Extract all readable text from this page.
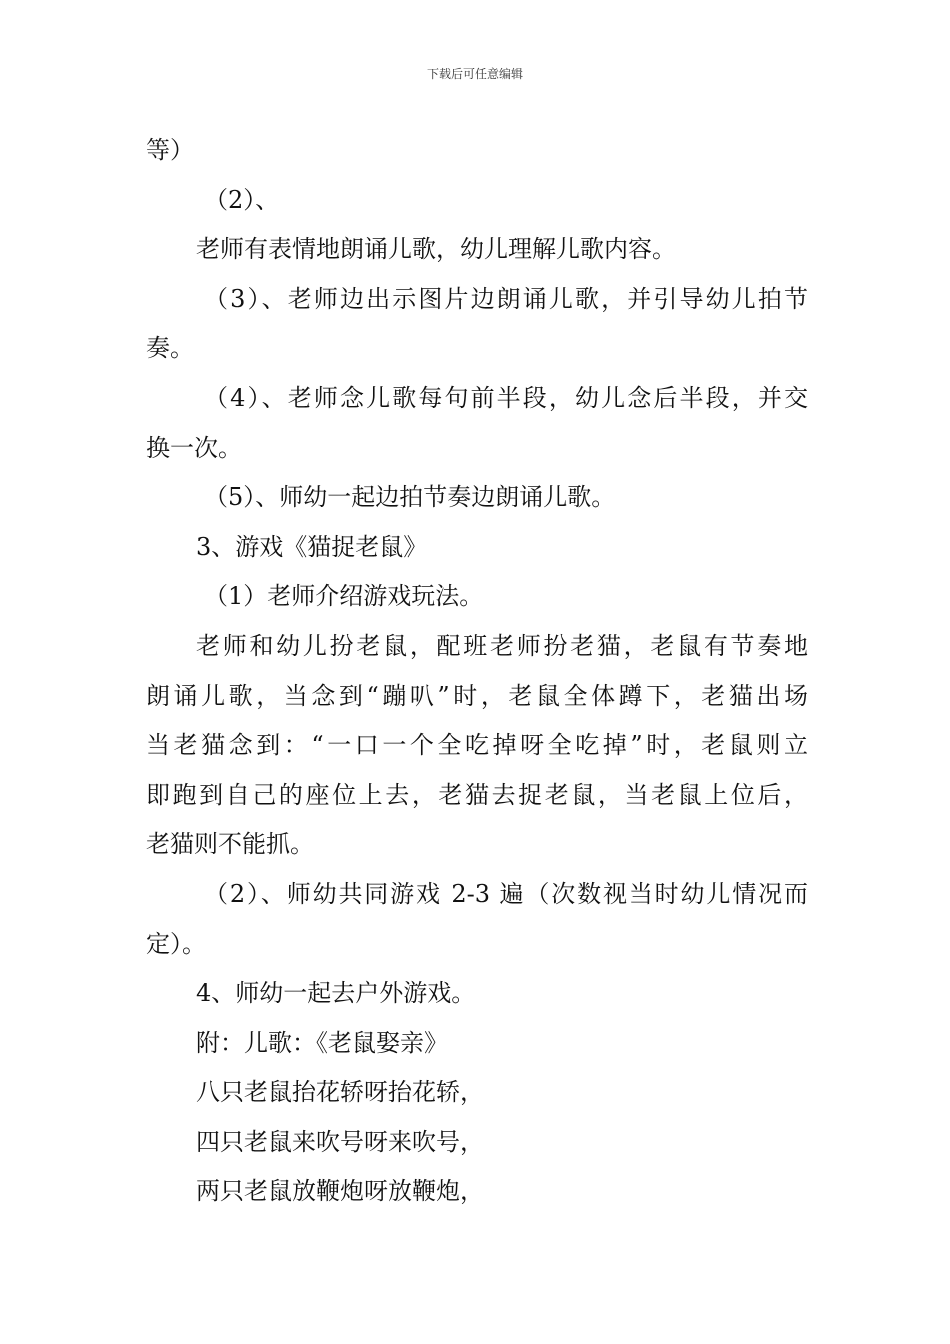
下载后可任意编辑
等）
（2）、
老师有表情地朗诵儿歌，幼儿理解儿歌内容。
（3）、老师边出示图片边朗诵儿歌，并引导幼儿拍节
奏。
（4）、老师念儿歌每句前半段，幼儿念后半段，并交
换一次。
（5）、师幼一起边拍节奏边朗诵儿歌。
3、游戏《猫捉老鼠》
（1）老师介绍游戏玩法。
老师和幼儿扮老鼠，配班老师扮老猫，老鼠有节奏地
朗诵儿歌，当念到“蹦叭”时，老鼠全体蹲下，老猫出场
当老猫念到：“一口一个全吃掉呀全吃掉”时，老鼠则立
即跑到自己的座位上去，老猫去捉老鼠，当老鼠上位后，
老猫则不能抓。
（2）、师幼共同游戏 2-3 遍（次数视当时幼儿情况而
定）。
4、师幼一起去户外游戏。
附：儿歌：《老鼠娶亲》
八只老鼠抬花轿呀抬花轿，
四只老鼠来吹号呀来吹号，
两只老鼠放鞭炮呀放鞭炮，
